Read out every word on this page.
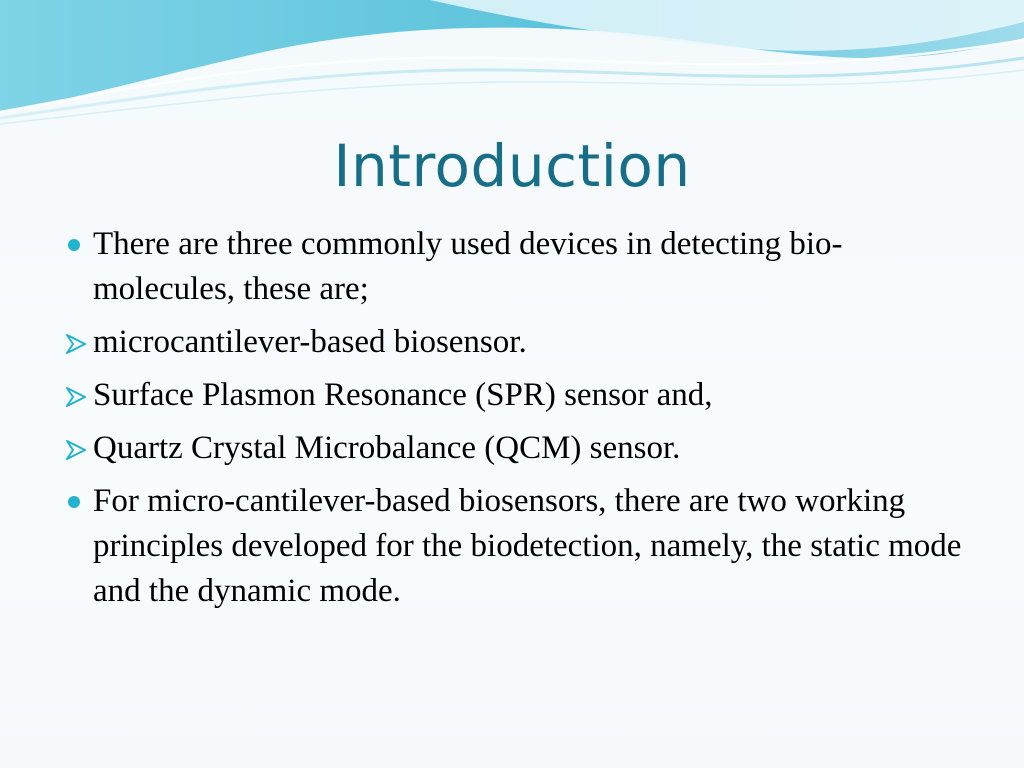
Introduction
There are three commonly used devices in detecting bio-molecules, these are;
microcantilever-based biosensor.
Surface Plasmon Resonance (SPR) sensor and,
Quartz Crystal Microbalance (QCM) sensor.
For micro-cantilever-based biosensors, there are two working principles developed for the biodetection, namely, the static mode and the dynamic mode.
